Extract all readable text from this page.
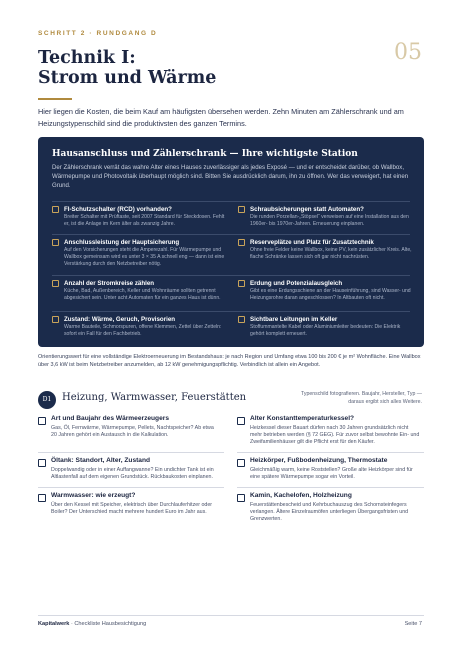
SCHRITT 2 · RUNDGANG D
05
Technik I:
Strom und Wärme
Hier liegen die Kosten, die beim Kauf am häufigsten übersehen werden. Zehn Minuten am Zählerschrank und am Heizungstypenschild sind die produktivsten des ganzen Termins.
Hausanschluss und Zählerschrank — Ihre wichtigste Station
Der Zählerschrank verrät das wahre Alter eines Hauses zuverlässiger als jedes Exposé — und er entscheidet darüber, ob Wallbox, Wärmepumpe und Photovoltaik überhaupt möglich sind. Bitten Sie ausdrücklich darum, ihn zu öffnen. Wer das verweigert, hat einen Grund.
FI-Schutzschalter (RCD) vorhanden?
Breiter Schalter mit Prüftaste, seit 2007 Standard für Steckdosen. Fehlt er, ist die Anlage im Kern älter als zwanzig Jahre.
Schraubsicherungen statt Automaten?
Die runden Porzellan-„Stöpsel“ verweisen auf eine Installation aus den 1960er- bis 1970er-Jahren. Erneuerung einplanen.
Anschlussleistung der Hauptsicherung
Auf den Vorsicherungen steht die Amperezahl. Für Wärmepumpe und Wallbox gemeinsam wird es unter 3 × 35 A schnell eng — dann ist eine Verstärkung durch den Netzbetreiber nötig.
Reserveplätze und Platz für Zusatztechnik
Ohne freie Felder keine Wallbox, keine PV, kein zusätzlicher Kreis. Alte, flache Schränke lassen sich oft gar nicht nachrüsten.
Anzahl der Stromkreise zählen
Küche, Bad, Außenbereich, Keller und Wohnräume sollten getrennt abgesichert sein. Unter acht Automaten für ein ganzes Haus ist dünn.
Erdung und Potenzialausgleich
Gibt es eine Erdungsschiene an der Hauseinführung, sind Wasser- und Heizungsrohre daran angeschlossen? In Altbauten oft nicht.
Zustand: Wärme, Geruch, Provisorien
Warme Bauteile, Schmorspuren, offene Klemmen, Zettel über Zetteln: sofort ein Fall für den Fachbetrieb.
Sichtbare Leitungen im Keller
Stoffummantelte Kabel oder Aluminiumleiter bedeuten: Die Elektrik gehört komplett erneuert.
Orientierungswert für eine vollständige Elektroerneuerung im Bestandshaus: je nach Region und Umfang etwa 100 bis 200 € je m² Wohnfläche. Eine Wallbox über 3,6 kW ist beim Netzbetreiber anzumelden, ab 12 kW genehmigungspflichtig. Verbindlich ist allein ein Angebot.
D1	Heizung, Warmwasser, Feuerstätten	Typenschild fotografieren. Baujahr, Hersteller, Typ — daraus ergibt sich alles Weitere.
Art und Baujahr des Wärmeerzeugers
Gas, Öl, Fernwärme, Wärmepumpe, Pellets, Nachtspeicher? Ab etwa 20 Jahren gehört ein Austausch in die Kalkulation.
Alter Konstanttemperaturkessel?
Heizkessel dieser Bauart dürfen nach 30 Jahren grundsätzlich nicht mehr betrieben werden (§ 72 GEG). Für zuvor selbst bewohnte Ein- und Zweifamilienhäuser gilt die Pflicht erst für den Käufer.
Öltank: Standort, Alter, Zustand
Doppelwandig oder in einer Auffangwanne? Ein undichter Tank ist ein Altlastenfall auf dem eigenen Grundstück. Rückbaukosten einplanen.
Heizkörper, Fußbodenheizung, Thermostate
Gleichmäßig warm, keine Roststellen? Große alte Heizkörper sind für eine spätere Wärmepumpe sogar ein Vorteil.
Warmwasser: wie erzeugt?
Über den Kessel mit Speicher, elektrisch über Durchlauferhitzer oder Boiler? Der Unterschied macht mehrere hundert Euro im Jahr aus.
Kamin, Kachelofen, Holzheizung
Feuerstättenbescheid und Kehrbuchauszug des Schornsteinfegers verlangen. Ältere Einzelraumöfen unterliegen Übergangsfristen und Grenzwerten.
Kapitalwerk · Checkliste Hausbesichtigung	Seite 7
